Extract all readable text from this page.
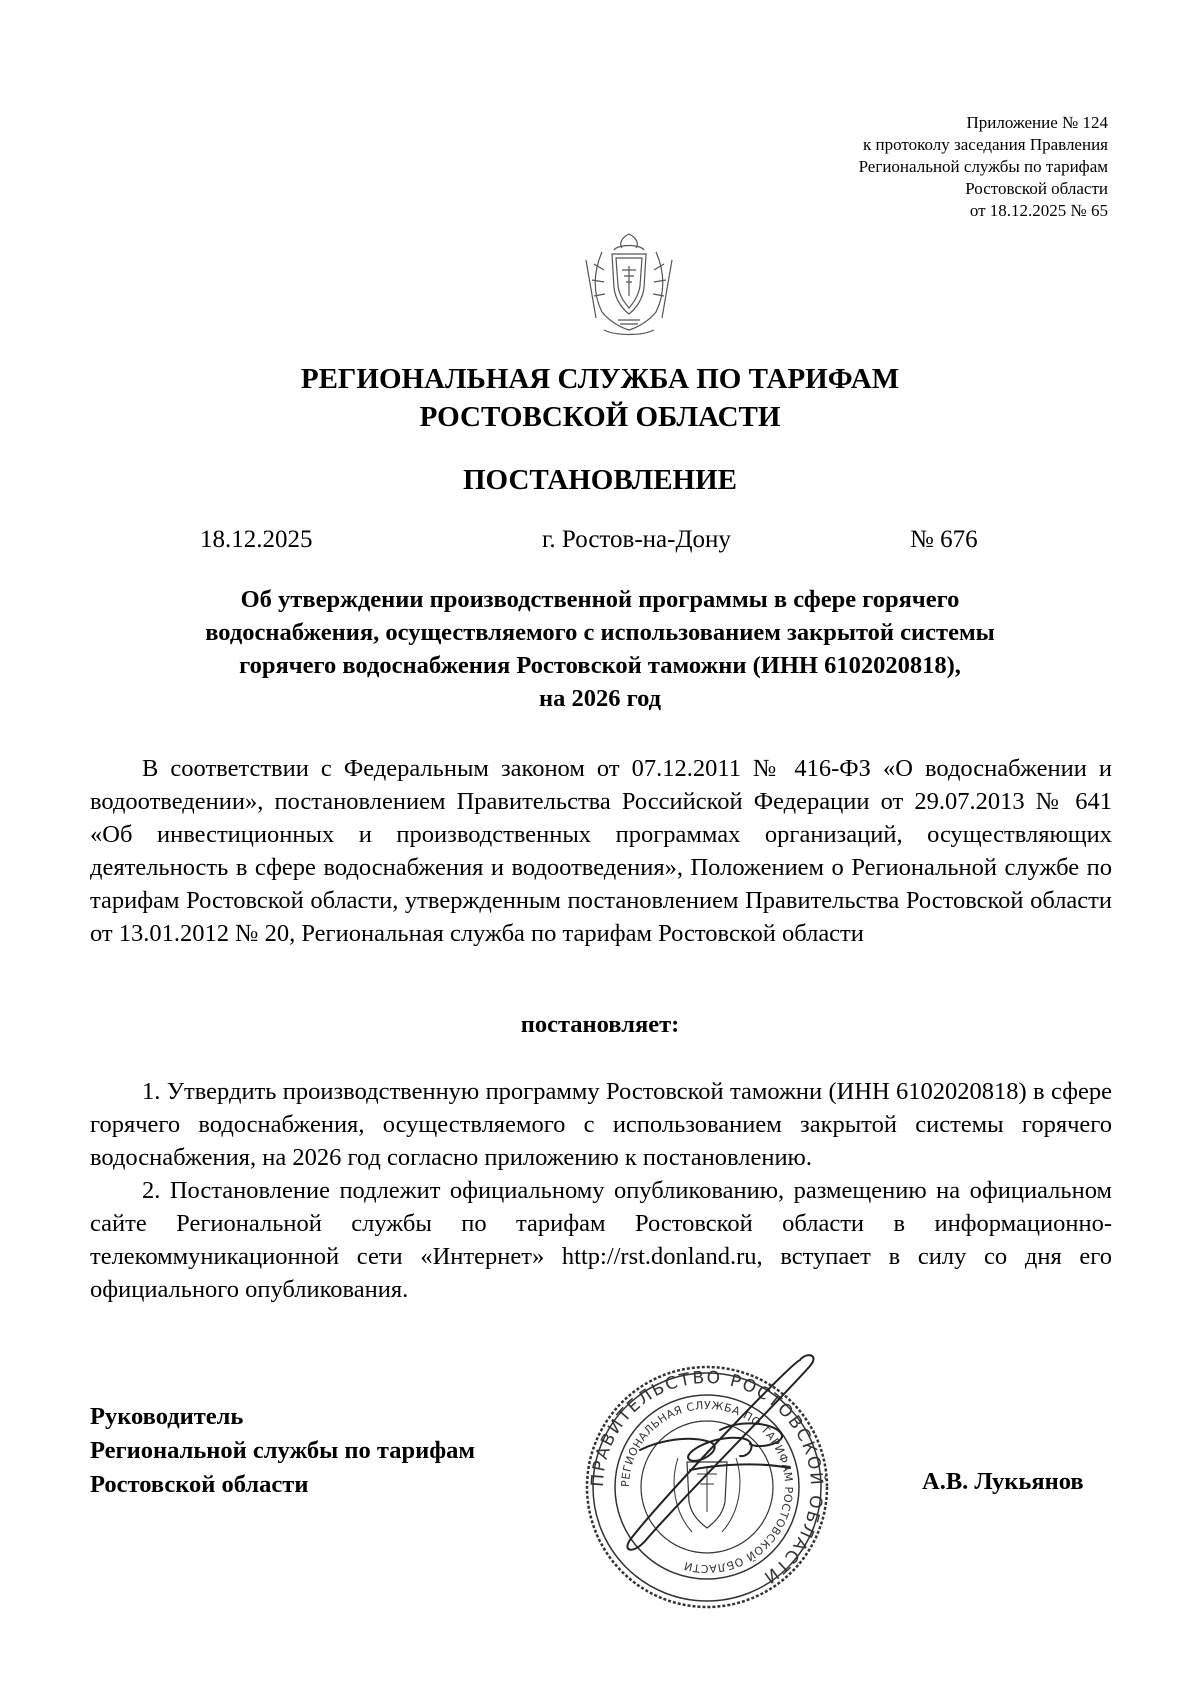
Приложение № 124
к протоколу заседания Правления
Региональной службы по тарифам
Ростовской области
от 18.12.2025 № 65
РЕГИОНАЛЬНАЯ СЛУЖБА ПО ТАРИФАМ
РОСТОВСКОЙ ОБЛАСТИ
ПОСТАНОВЛЕНИЕ
18.12.2025	г. Ростов-на-Дону	№ 676
Об утверждении производственной программы в сфере горячего
водоснабжения, осуществляемого с использованием закрытой системы
горячего водоснабжения Ростовской таможни (ИНН 6102020818),
на 2026 год

В соответствии с Федеральным законом от 07.12.2011 № 416-ФЗ «О водоснабжении и водоотведении», постановлением Правительства Российской Федерации от 29.07.2013 № 641 «Об инвестиционных и производственных программах организаций, осуществляющих деятельность в сфере водоснабжения и водоотведения», Положением о Региональной службе по тарифам Ростовской области, утвержденным постановлением Правительства Ростовской области от 13.01.2012 № 20, Региональная служба по тарифам Ростовской области

постановляет:

1. Утвердить производственную программу Ростовской таможни (ИНН 6102020818) в сфере горячего водоснабжения, осуществляемого с использованием закрытой системы горячего водоснабжения, на 2026 год согласно приложению к постановлению.

2. Постановление подлежит официальному опубликованию, размещению на официальном сайте Региональной службы по тарифам Ростовской области в информационно-телекоммуникационной сети «Интернет» http://rst.donland.ru, вступает в силу со дня его официального опубликования.

Руководитель
Региональной службы по тарифам
Ростовской области	ПРАВИТЕЛЬСТВО РОСТОВСКОЙ ОБЛАСТИ
РЕГИОНАЛЬНАЯ СЛУЖБА ПО ТАРИФАМ РОСТОВСКОЙ ОБЛАСТИ
А.В. Лукьянов
